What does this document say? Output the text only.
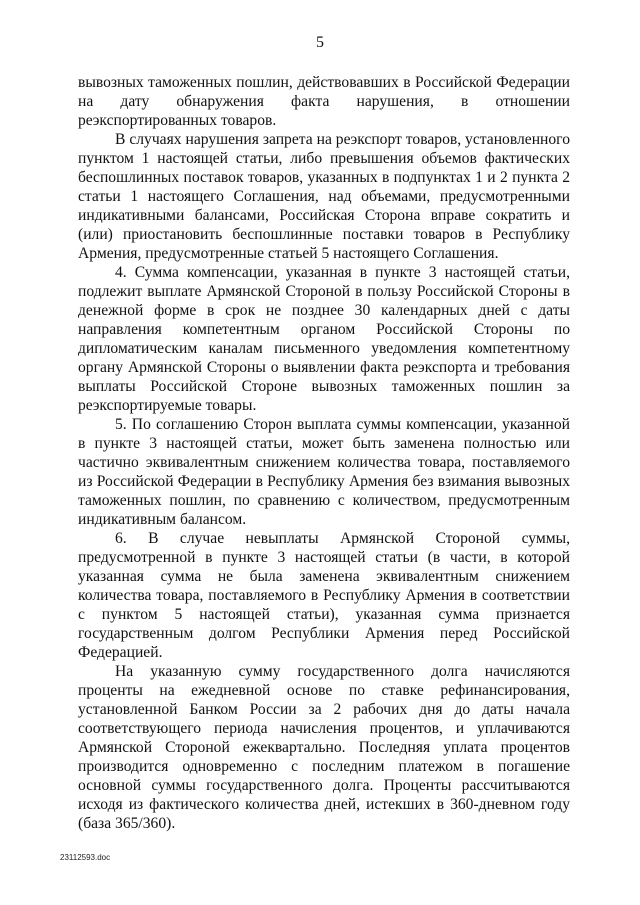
5

вывозных таможенных пошлин, действовавших в Российской Федерации на дату обнаружения факта нарушения, в отношении реэкспортированных товаров.

В случаях нарушения запрета на реэкспорт товаров, установленного пунктом 1 настоящей статьи, либо превышения объемов фактических беспошлинных поставок товаров, указанных в подпунктах 1 и 2 пункта 2 статьи 1 настоящего Соглашения, над объемами, предусмотренными индикативными балансами, Российская Сторона вправе сократить и (или) приостановить беспошлинные поставки товаров в Республику Армения, предусмотренные статьей 5 настоящего Соглашения.

4. Сумма компенсации, указанная в пункте 3 настоящей статьи, подлежит выплате Армянской Стороной в пользу Российской Стороны в денежной форме в срок не позднее 30 календарных дней с даты направления компетентным органом Российской Стороны по дипломатическим каналам письменного уведомления компетентному органу Армянской Стороны о выявлении факта реэкспорта и требования выплаты Российской Стороне вывозных таможенных пошлин за реэкспортируемые товары.

5. По соглашению Сторон выплата суммы компенсации, указанной в пункте 3 настоящей статьи, может быть заменена полностью или частично эквивалентным снижением количества товара, поставляемого из Российской Федерации в Республику Армения без взимания вывозных таможенных пошлин, по сравнению с количеством, предусмотренным индикативным балансом.

6. В случае невыплаты Армянской Стороной суммы, предусмотренной в пункте 3 настоящей статьи (в части, в которой указанная сумма не была заменена эквивалентным снижением количества товара, поставляемого в Республику Армения в соответствии с пунктом 5 настоящей статьи), указанная сумма признается государственным долгом Республики Армения перед Российской Федерацией.

На указанную сумму государственного долга начисляются проценты на ежедневной основе по ставке рефинансирования, установленной Банком России за 2 рабочих дня до даты начала соответствующего периода начисления процентов, и уплачиваются Армянской Стороной ежеквартально. Последняя уплата процентов производится одновременно с последним платежом в погашение основной суммы государственного долга. Проценты рассчитываются исходя из фактического количества дней, истекших в 360-дневном году (база 365/360).

23112593.doc
